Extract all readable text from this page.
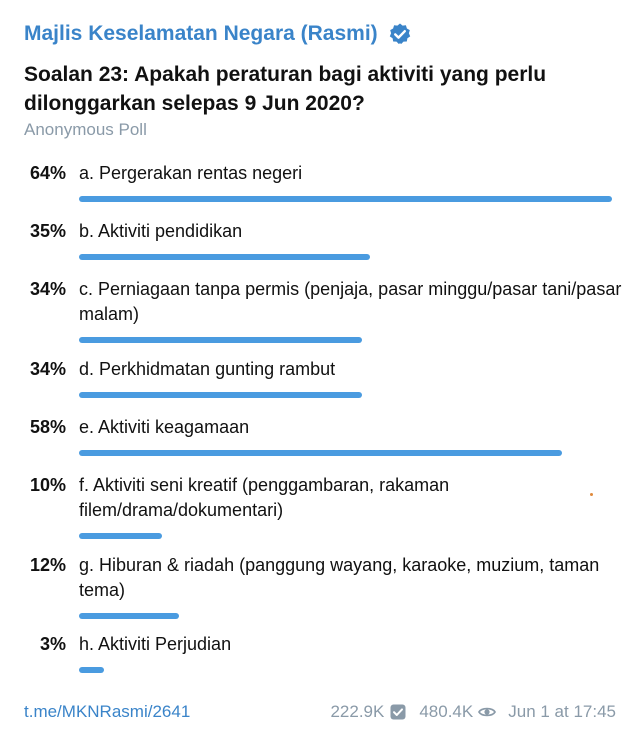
Majlis Keselamatan Negara (Rasmi)
Soalan 23: Apakah peraturan bagi aktiviti yang perlu
dilonggarkan selepas 9 Jun 2020?
Anonymous Poll
64% a. Pergerakan rentas negeri
35% b. Aktiviti pendidikan
34% c. Perniagaan tanpa permis (penjaja, pasar minggu/pasar tani/pasar malam)
34% d. Perkhidmatan gunting rambut
58% e. Aktiviti keagamaan
10% f. Aktiviti seni kreatif (penggambaran, rakaman filem/drama/dokumentari)
12% g. Hiburan & riadah (panggung wayang, karaoke, muzium, taman tema)
3% h. Aktiviti Perjudian
t.me/MKNRasmi/2641	222.9K 480.4K Jun 1 at 17:45
